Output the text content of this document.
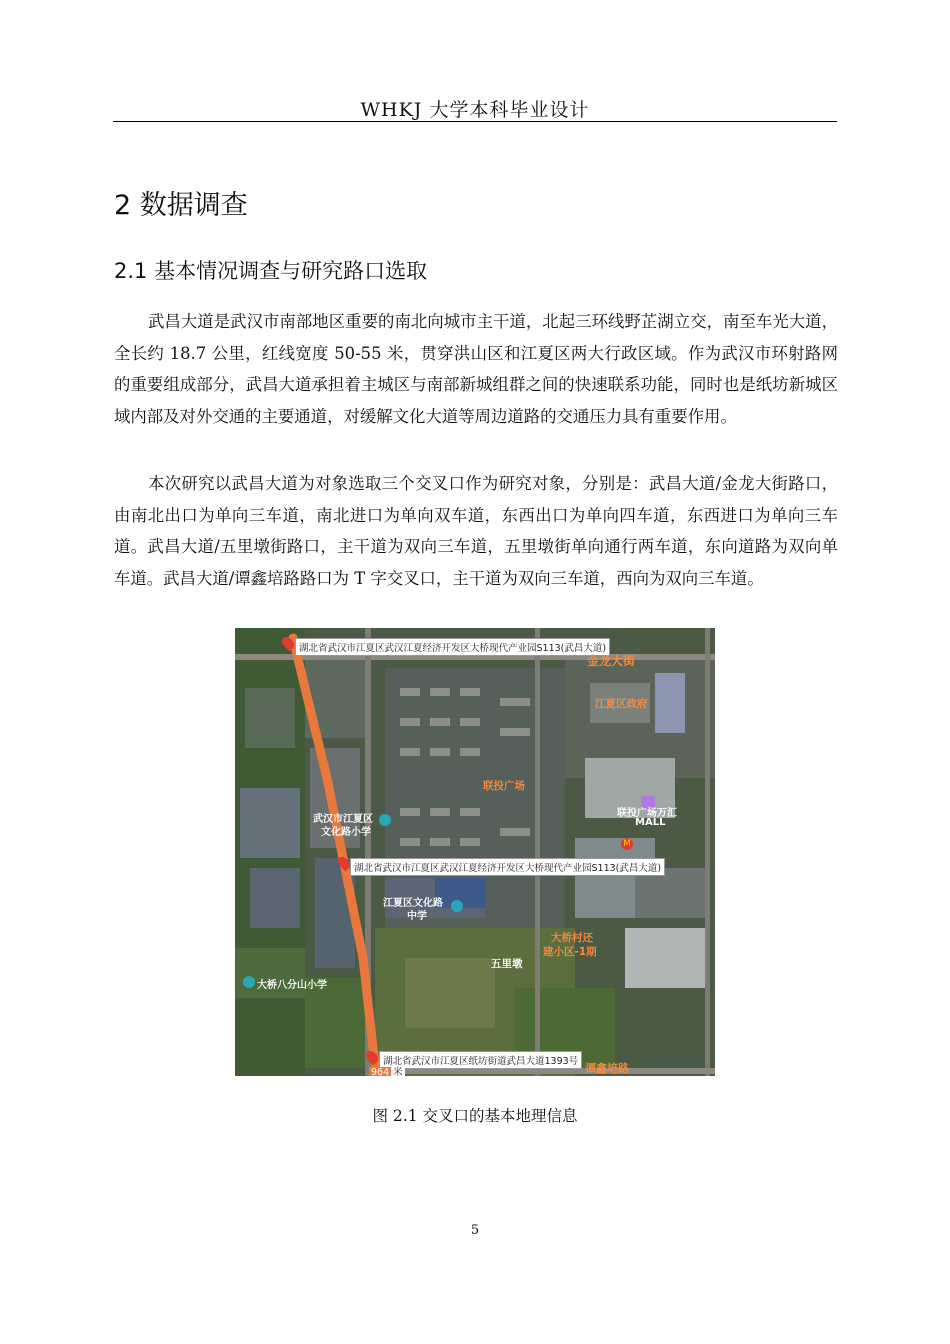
WHKJ 大学本科毕业设计
2 数据调查
2.1 基本情况调查与研究路口选取

武昌大道是武汉市南部地区重要的南北向城市主干道，北起三环线野芷湖立交，南至车光大道，全长约 18.7 公里，红线宽度 50-55 米，贯穿洪山区和江夏区两大行政区域。作为武汉市环射路网的重要组成部分，武昌大道承担着主城区与南部新城组群之间的快速联系功能，同时也是纸坊新城区域内部及对外交通的主要通道，对缓解文化大道等周边道路的交通压力具有重要作用。

本次研究以武昌大道为对象选取三个交叉口作为研究对象，分别是：武昌大道/金龙大街路口，由南北出口为单向三车道，南北进口为单向双车道，东西出口为单向四车道，东西进口为单向三车道。武昌大道/五里墩街路口，主干道为双向三车道，五里墩街单向通行两车道，东向道路为双向单车道。武昌大道/谭鑫培路路口为 T 字交叉口，主干道为双向三车道，西向为双向三车道。

湖北省武汉市江夏区武汉江夏经济开发区大桥现代产业园S113(武昌大道)
湖北省武汉市江夏区武汉江夏经济开发区大桥现代产业园S113(武昌大道)
湖北省武汉市江夏区纸坊街道武昌大道1393号
964 米
金龙大街
江夏区政府
联投广场
大桥村还
建小区-1期
谭鑫培路
联投广场万汇
MALL
M
武汉市江夏区
文化路小学
江夏区文化路
中学
五里墩
大桥八分山小学
图 2.1 交叉口的基本地理信息
5
